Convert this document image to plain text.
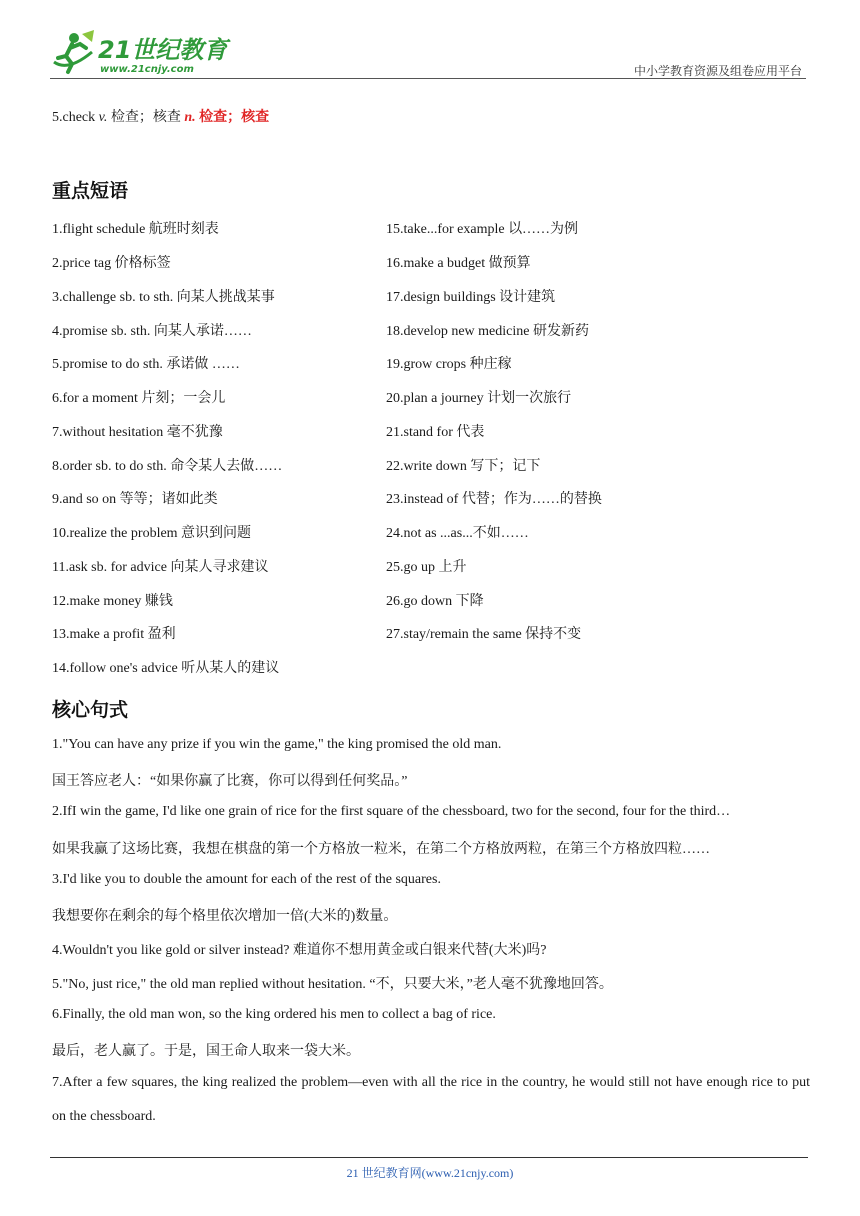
21世纪教育
www.21cnjy.com	中小学教育资源及组卷应用平台
5.check v. 检查；核查 n. 检查；核查
重点短语
1.flight schedule 航班时刻表
2.price tag 价格标签
3.challenge sb. to sth. 向某人挑战某事
4.promise sb. sth. 向某人承诺……
5.promise to do sth. 承诺做 ……
6.for a moment 片刻；一会儿
7.without hesitation 毫不犹豫
8.order sb. to do sth. 命令某人去做……
9.and so on 等等；诸如此类
10.realize the problem 意识到问题
11.ask sb. for advice 向某人寻求建议
12.make money 赚钱
13.make a profit 盈利
14.follow one's advice 听从某人的建议
15.take...for example 以……为例
16.make a budget 做预算
17.design buildings 设计建筑
18.develop new medicine 研发新药
19.grow crops 种庄稼
20.plan a journey 计划一次旅行
21.stand for 代表
22.write down 写下；记下
23.instead of 代替；作为……的替换
24.not as ...as...不如……
25.go up 上升
26.go down 下降
27.stay/remain the same 保持不变
核心句式
1."You can have any prize if you win the game," the king promised the old man.
国王答应老人：“如果你赢了比赛，你可以得到任何奖品。”
2.IfI win the game, I'd like one grain of rice for the first square of the chessboard, two for the second, four for the third…
如果我赢了这场比赛，我想在棋盘的第一个方格放一粒米，在第二个方格放两粒，在第三个方格放四粒……
3.I'd like you to double the amount for each of the rest of the squares.
我想要你在剩余的每个格里依次增加一倍(大米的)数量。
4.Wouldn't you like gold or silver instead? 难道你不想用黄金或白银来代替(大米)吗?
5."No, just rice," the old man replied without hesitation. “不，只要大米，”老人毫不犹豫地回答。
6.Finally, the old man won, so the king ordered his men to collect a bag of rice.
最后，老人赢了。于是，国王命人取来一袋大米。
7.After a few squares, the king realized the problem—even with all the rice in the country, he would still not have enough rice to put on the chessboard.
21 世纪教育网(www.21cnjy.com)
